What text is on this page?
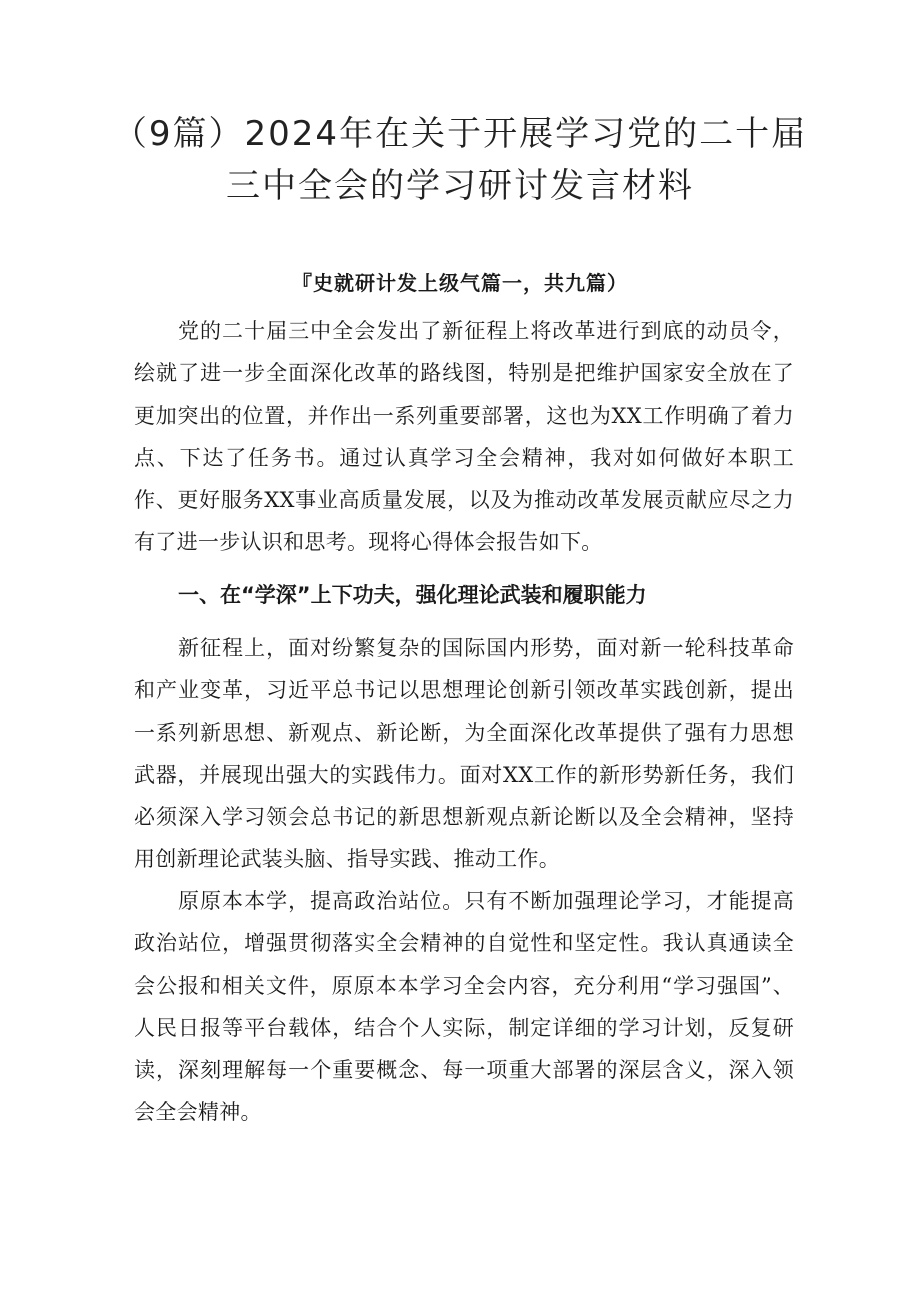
（9篇）2024年在关于开展学习党的二十届
三中全会的学习研讨发言材料
『史就研计发上级气篇一，共九篇）

党的二十届三中全会发出了新征程上将改革进行到底的动员令，绘就了进一步全面深化改革的路线图，特别是把维护国家安全放在了更加突出的位置，并作出一系列重要部署，这也为XX工作明确了着力点、下达了任务书。通过认真学习全会精神，我对如何做好本职工作、更好服务XX事业高质量发展，以及为推动改革发展贡献应尽之力有了进一步认识和思考。现将心得体会报告如下。

一、在“学深”上下功夫，强化理论武装和履职能力

新征程上，面对纷繁复杂的国际国内形势，面对新一轮科技革命和产业变革，习近平总书记以思想理论创新引领改革实践创新，提出一系列新思想、新观点、新论断，为全面深化改革提供了强有力思想武器，并展现出强大的实践伟力。面对XX工作的新形势新任务，我们必须深入学习领会总书记的新思想新观点新论断以及全会精神，坚持用创新理论武装头脑、指导实践、推动工作。

原原本本学，提高政治站位。只有不断加强理论学习，才能提高政治站位，增强贯彻落实全会精神的自觉性和坚定性。我认真通读全会公报和相关文件，原原本本学习全会内容，充分利用“学习强国”、人民日报等平台载体，结合个人实际，制定详细的学习计划，反复研读，深刻理解每一个重要概念、每一项重大部署的深层含义，深入领会全会精神。
